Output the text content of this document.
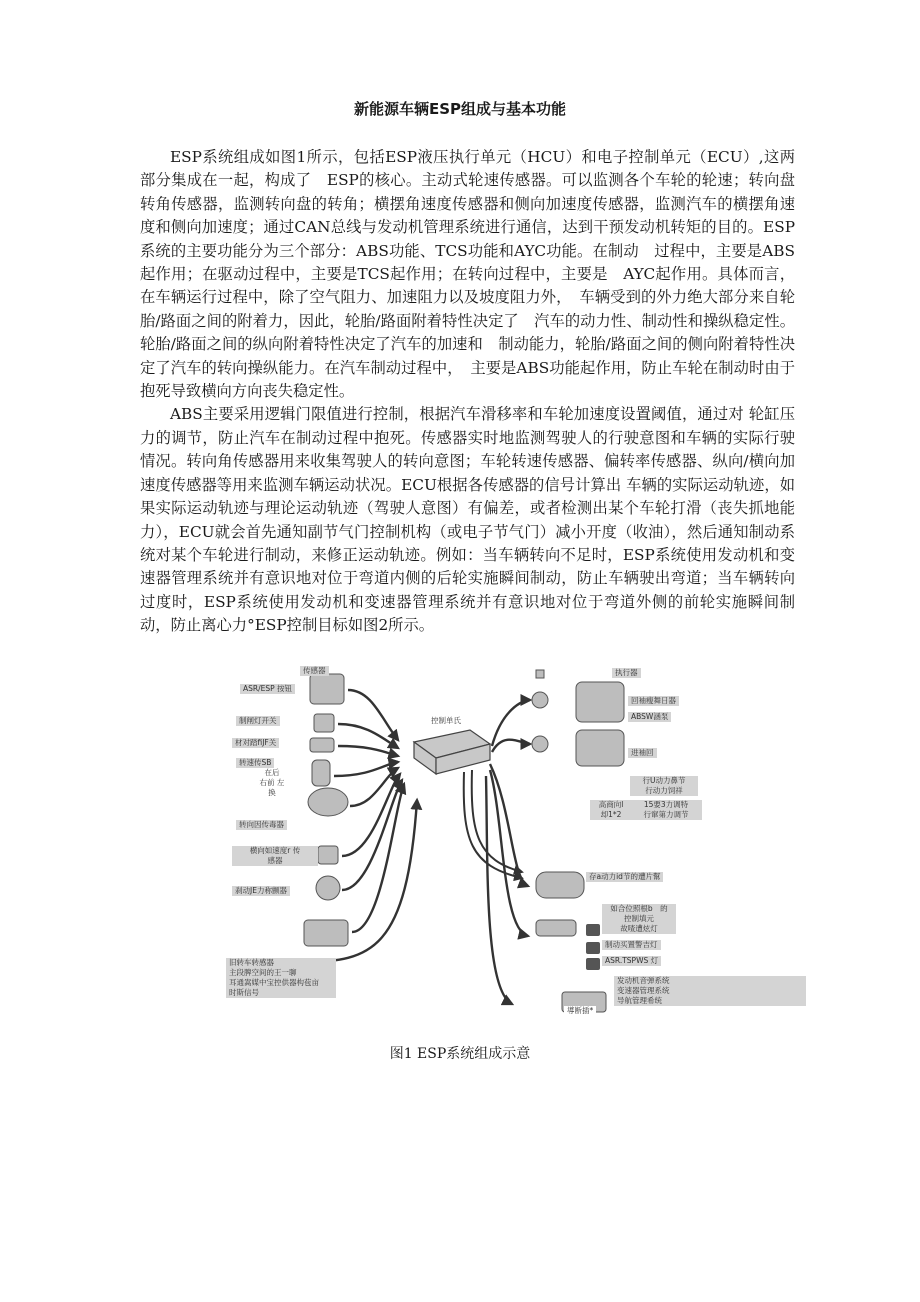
新能源车辆ESP组成与基本功能

ESP系统组成如图1所示，包括ESP液压执行单元（HCU）和电子控制单元（ECU）,这两部分集成在一起，构成了　ESP的核心。主动式轮速传感器。可以监测各个车轮的轮速；转向盘转角传感器，监测转向盘的转角；横摆角速度传感器和侧向加速度传感器，监测汽车的横摆角速度和侧向加速度；通过CAN总线与发动机管理系统进行通信，达到干预发动机转矩的目的。ESP系统的主要功能分为三个部分：ABS功能、TCS功能和AYC功能。在制动　过程中，主要是ABS起作用；在驱动过程中，主要是TCS起作用；在转向过程中，主要是　AYC起作用。具体而言，在车辆运行过程中，除了空气阻力、加速阻力以及坡度阻力外，　车辆受到的外力绝大部分来自轮胎/路面之间的附着力，因此，轮胎/路面附着特性决定了　汽车的动力性、制动性和操纵稳定性。轮胎/路面之间的纵向附着特性决定了汽车的加速和　制动能力，轮胎/路面之间的侧向附着特性决定了汽车的转向操纵能力。在汽车制动过程中，　主要是ABS功能起作用，防止车轮在制动时由于抱死导致横向方向丧失稳定性。

ABS主要采用逻辑门限值进行控制，根据汽车滑移率和车轮加速度设置阈值，通过对 轮缸压力的调节，防止汽车在制动过程中抱死。传感器实时地监测驾驶人的行驶意图和车辆的实际行驶情况。转向角传感器用来收集驾驶人的转向意图；车轮转速传感器、偏转率传感器、纵向/横向加速度传感器等用来监测车辆运动状况。ECU根据各传感器的信号计算出 车辆的实际运动轨迹，如果实际运动轨迹与理论运动轨迹（驾驶人意图）有偏差，或者检测出某个车轮打滑（丧失抓地能力），ECU就会首先通知副节气门控制机构（或电子节气门）减小开度（收油），然后通知制动系统对某个车轮进行制动，来修正运动轨迹。例如：当车辆转向不足时，ESP系统使用发动机和变速器管理系统并有意识地对位于弯道内侧的后轮实施瞬间制动，防止车辆驶出弯道；当车辆转向过度时，ESP系统使用发动机和变速器管理系统并有意识地对位于弯道外侧的前轮实施瞬间制动，防止离心力°ESP控制目标如图2所示。

传感器
ASR/ESP 按钮
制闸灯开关
材对踏fiJF关
转速传SB
在后
右前 左
换
转向因传毒器
横向如速度r 传
感器
刹动JE力称颤器
旧转车转感器
主段脾空间的王一聊
耳通嵩媒中宝控供器构苞亩
时斯信号
控制单氏
执行器
回袖瘦舞日器
ABSW涵泵
进袖回
行U动力鼻节
行动力饲祥
高商向l
却1*2
15要3力调特
行窜第力调节
存a动力id节的遭片幫
如合位照根b　的
控制填元
故喳遭炫灯
制动买置警吉灯
ASR.TSPWS 灯
发动机音弹系统
变速器管理系统
导航管理希统
導断插*
图1 ESP系统组成示意
